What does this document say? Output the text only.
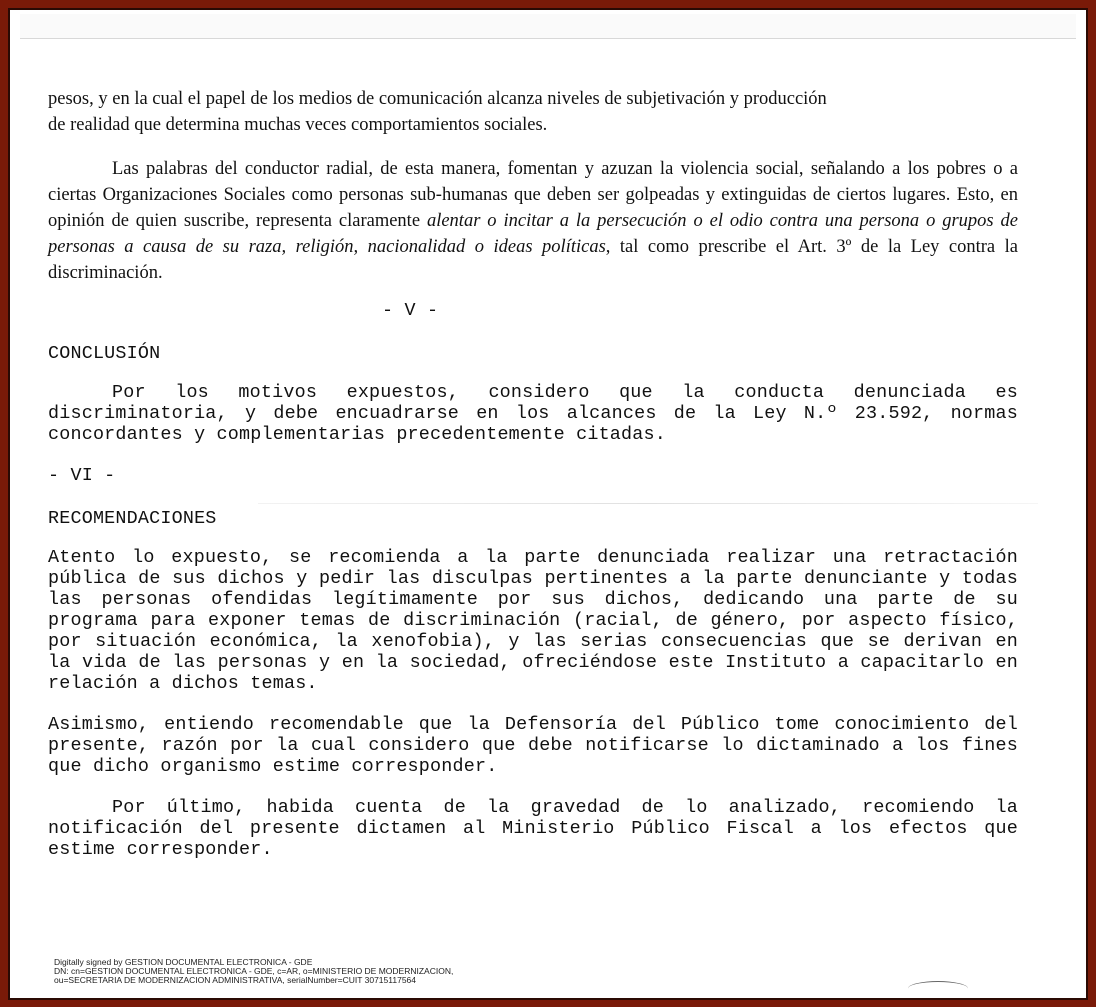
pesos, y en la cual el papel de los medios de comunicación alcanza niveles de subjetivación y producción
de realidad que determina muchas veces comportamientos sociales.

Las palabras del conductor radial, de esta manera, fomentan y azuzan la violencia social, señalando a los pobres o a ciertas Organizaciones Sociales como personas sub-humanas que deben ser golpeadas y extinguidas de ciertos lugares. Esto, en opinión de quien suscribe, representa claramente alentar o incitar a la persecución o el odio contra una persona o grupos de personas a causa de su raza, religión, nacionalidad o ideas políticas, tal como prescribe el Art. 3º de la Ley contra la discriminación.

- V -

CONCLUSIÓN

Por los motivos expuestos, considero que la conducta denunciada es discriminatoria, y debe encuadrarse en los alcances de la Ley N.º 23.592, normas concordantes y complementarias precedentemente citadas.

- VI -

RECOMENDACIONES

Atento lo expuesto, se recomienda a la parte denunciada realizar una retractación pública de sus dichos y pedir las disculpas pertinentes a la parte denunciante y todas las personas ofendidas legítimamente por sus dichos, dedicando una parte de su programa para exponer temas de discriminación (racial, de género, por aspecto físico, por situación económica, la xenofobia), y las serias consecuencias que se derivan en la vida de las personas y en la sociedad, ofreciéndose este Instituto a capacitarlo en relación a dichos temas.

Asimismo, entiendo recomendable que la Defensoría del Público tome conocimiento del presente, razón por la cual considero que debe notificarse lo dictaminado a los fines que dicho organismo estime corresponder.

Por último, habida cuenta de la gravedad de lo analizado, recomiendo la notificación del presente dictamen al Ministerio Público Fiscal a los efectos que estime corresponder.

Digitally signed by GESTION DOCUMENTAL ELECTRONICA - GDE
DN: cn=GESTION DOCUMENTAL ELECTRONICA - GDE, c=AR, o=MINISTERIO DE MODERNIZACION,
ou=SECRETARIA DE MODERNIZACION ADMINISTRATIVA, serialNumber=CUIT 30715117564
